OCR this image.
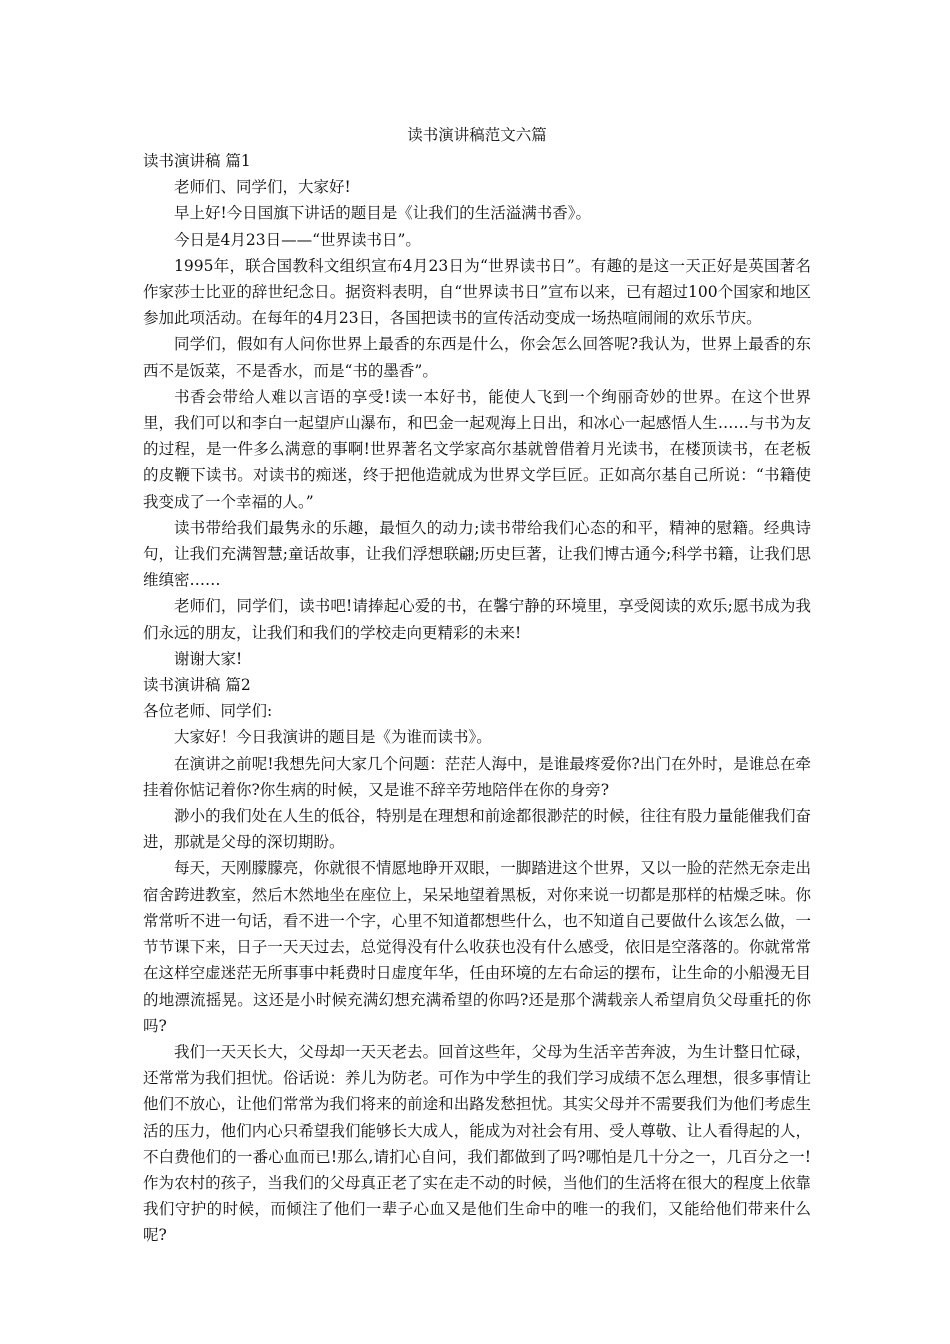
读书演讲稿范文六篇

读书演讲稿 篇1

老师们、同学们，大家好!

早上好!今日国旗下讲话的题目是《让我们的生活溢满书香》。

今日是4月23日——“世界读书日”。

1995年，联合国教科文组织宣布4月23日为“世界读书日”。有趣的是这一天正好是英国著名作家莎士比亚的辞世纪念日。据资料表明，自“世界读书日”宣布以来，已有超过100个国家和地区参加此项活动。在每年的4月23日，各国把读书的宣传活动变成一场热喧闹闹的欢乐节庆。

同学们，假如有人问你世界上最香的东西是什么，你会怎么回答呢?我认为，世界上最香的东西不是饭菜，不是香水，而是“书的墨香”。

书香会带给人难以言语的享受!读一本好书，能使人飞到一个绚丽奇妙的世界。在这个世界里，我们可以和李白一起望庐山瀑布，和巴金一起观海上日出，和冰心一起感悟人生……与书为友的过程，是一件多么满意的事啊!世界著名文学家高尔基就曾借着月光读书，在楼顶读书，在老板的皮鞭下读书。对读书的痴迷，终于把他造就成为世界文学巨匠。正如高尔基自己所说：“书籍使我变成了一个幸福的人。”

读书带给我们最隽永的乐趣，最恒久的动力;读书带给我们心态的和平，精神的慰籍。经典诗句，让我们充满智慧;童话故事，让我们浮想联翩;历史巨著，让我们博古通今;科学书籍，让我们思维缜密……

老师们，同学们，读书吧!请捧起心爱的书，在馨宁静的环境里，享受阅读的欢乐;愿书成为我们永远的朋友，让我们和我们的学校走向更精彩的未来!

谢谢大家!

读书演讲稿 篇2

各位老师、同学们:

大家好！今日我演讲的题目是《为谁而读书》。

在演讲之前呢!我想先问大家几个问题：茫茫人海中，是谁最疼爱你?出门在外时，是谁总在牵挂着你惦记着你?你生病的时候，又是谁不辞辛劳地陪伴在你的身旁?

渺小的我们处在人生的低谷，特别是在理想和前途都很渺茫的时候，往往有股力量能催我们奋进，那就是父母的深切期盼。

每天，天刚朦朦亮，你就很不情愿地睁开双眼，一脚踏进这个世界，又以一脸的茫然无奈走出宿舍跨进教室，然后木然地坐在座位上，呆呆地望着黑板，对你来说一切都是那样的枯燥乏味。你常常听不进一句话，看不进一个字，心里不知道都想些什么，也不知道自己要做什么该怎么做，一节节课下来，日子一天天过去，总觉得没有什么收获也没有什么感受，依旧是空落落的。你就常常在这样空虚迷茫无所事事中耗费时日虚度年华，任由环境的左右命运的摆布，让生命的小船漫无目的地漂流摇晃。这还是小时候充满幻想充满希望的你吗?还是那个满载亲人希望肩负父母重托的你吗?

我们一天天长大，父母却一天天老去。回首这些年，父母为生活辛苦奔波，为生计整日忙碌，还常常为我们担忧。俗话说：养儿为防老。可作为中学生的我们学习成绩不怎么理想，很多事情让他们不放心，让他们常常为我们将来的前途和出路发愁担忧。其实父母并不需要我们为他们考虑生活的压力，他们内心只希望我们能够长大成人，能成为对社会有用、受人尊敬、让人看得起的人，不白费他们的一番心血而已!那么,请扪心自问，我们都做到了吗?哪怕是几十分之一，几百分之一!作为农村的孩子，当我们的父母真正老了实在走不动的时候，当他们的生活将在很大的程度上依靠我们守护的时候，而倾注了他们一辈子心血又是他们生命中的唯一的我们，又能给他们带来什么呢?
